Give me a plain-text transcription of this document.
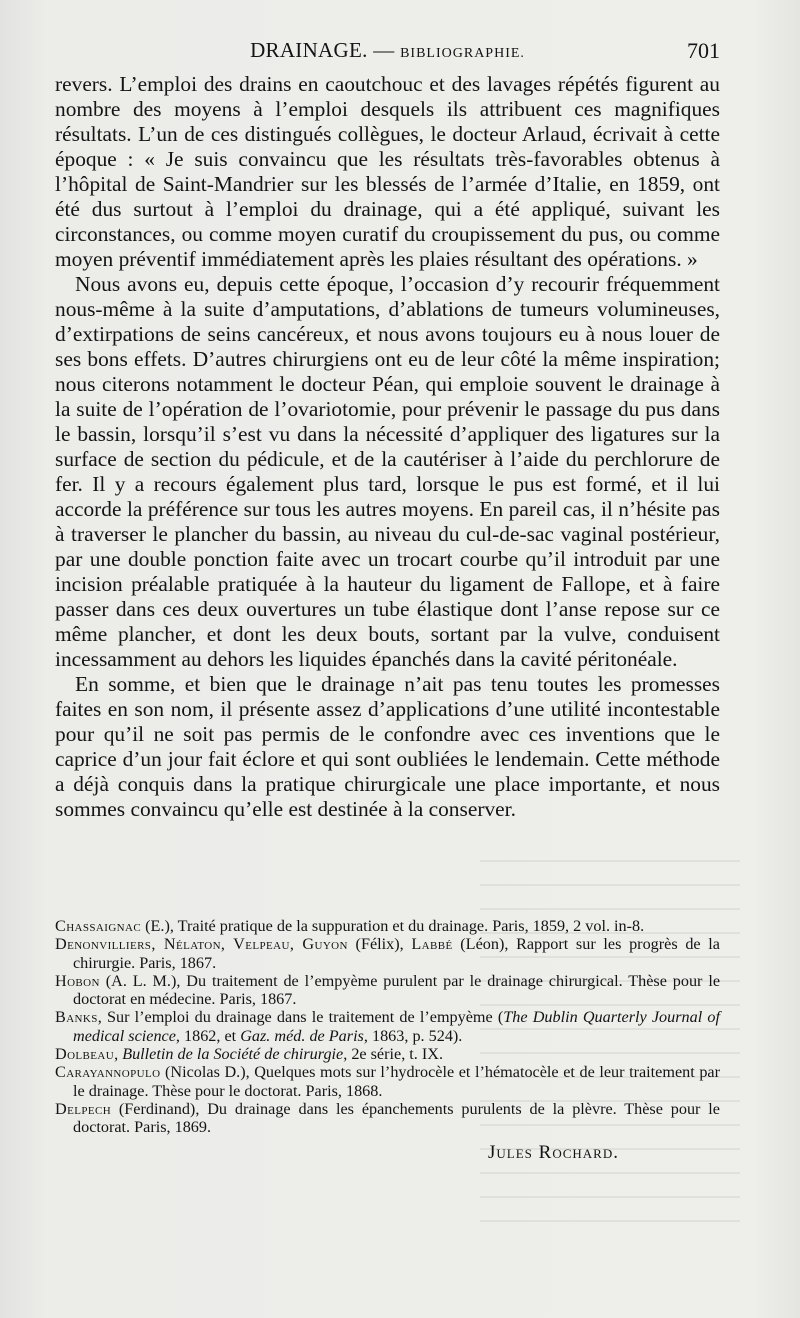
DRAINAGE. — BIBLIOGRAPHIE.	701

revers. L’emploi des drains en caoutchouc et des lavages répétés figurent au nombre des moyens à l’emploi desquels ils attribuent ces magnifiques résultats. L’un de ces distingués collègues, le docteur Arlaud, écrivait à cette époque : « Je suis convaincu que les résultats très-favorables obtenus à l’hôpital de Saint-Mandrier sur les blessés de l’armée d’Italie, en 1859, ont été dus surtout à l’emploi du drainage, qui a été appliqué, suivant les circonstances, ou comme moyen curatif du croupissement du pus, ou comme moyen préventif immédiatement après les plaies résultant des opérations. »

Nous avons eu, depuis cette époque, l’occasion d’y recourir fréquemment nous-même à la suite d’amputations, d’ablations de tumeurs volumineuses, d’extirpations de seins cancéreux, et nous avons toujours eu à nous louer de ses bons effets. D’autres chirurgiens ont eu de leur côté la même inspiration; nous citerons notamment le docteur Péan, qui emploie souvent le drainage à la suite de l’opération de l’ovariotomie, pour prévenir le passage du pus dans le bassin, lorsqu’il s’est vu dans la nécessité d’appliquer des ligatures sur la surface de section du pédicule, et de la cautériser à l’aide du perchlorure de fer. Il y a recours également plus tard, lorsque le pus est formé, et il lui accorde la préférence sur tous les autres moyens. En pareil cas, il n’hésite pas à traverser le plancher du bassin, au niveau du cul-de-sac vaginal postérieur, par une double ponction faite avec un trocart courbe qu’il introduit par une incision préalable pratiquée à la hauteur du ligament de Fallope, et à faire passer dans ces deux ouvertures un tube élastique dont l’anse repose sur ce même plancher, et dont les deux bouts, sortant par la vulve, conduisent incessamment au dehors les liquides épanchés dans la cavité péritonéale.

En somme, et bien que le drainage n’ait pas tenu toutes les promesses faites en son nom, il présente assez d’applications d’une utilité incontestable pour qu’il ne soit pas permis de le confondre avec ces inventions que le caprice d’un jour fait éclore et qui sont oubliées le lendemain. Cette méthode a déjà conquis dans la pratique chirurgicale une place importante, et nous sommes convaincu qu’elle est destinée à la conserver.

Chassaignac (E.), Traité pratique de la suppuration et du drainage. Paris, 1859, 2 vol. in-8.

Denonvilliers, Nélaton, Velpeau, Guyon (Félix), Labbé (Léon), Rapport sur les progrès de la chirurgie. Paris, 1867.

Hobon (A. L. M.), Du traitement de l’empyème purulent par le drainage chirurgical. Thèse pour le doctorat en médecine. Paris, 1867.

Banks, Sur l’emploi du drainage dans le traitement de l’empyème (The Dublin Quarterly Journal of medical science, 1862, et Gaz. méd. de Paris, 1863, p. 524).

Dolbeau, Bulletin de la Société de chirurgie, 2e série, t. IX.

Carayannopulo (Nicolas D.), Quelques mots sur l’hydrocèle et l’hématocèle et de leur traitement par le drainage. Thèse pour le doctorat. Paris, 1868.

Delpech (Ferdinand), Du drainage dans les épanchements purulents de la plèvre. Thèse pour le doctorat. Paris, 1869.

Jules Rochard.
